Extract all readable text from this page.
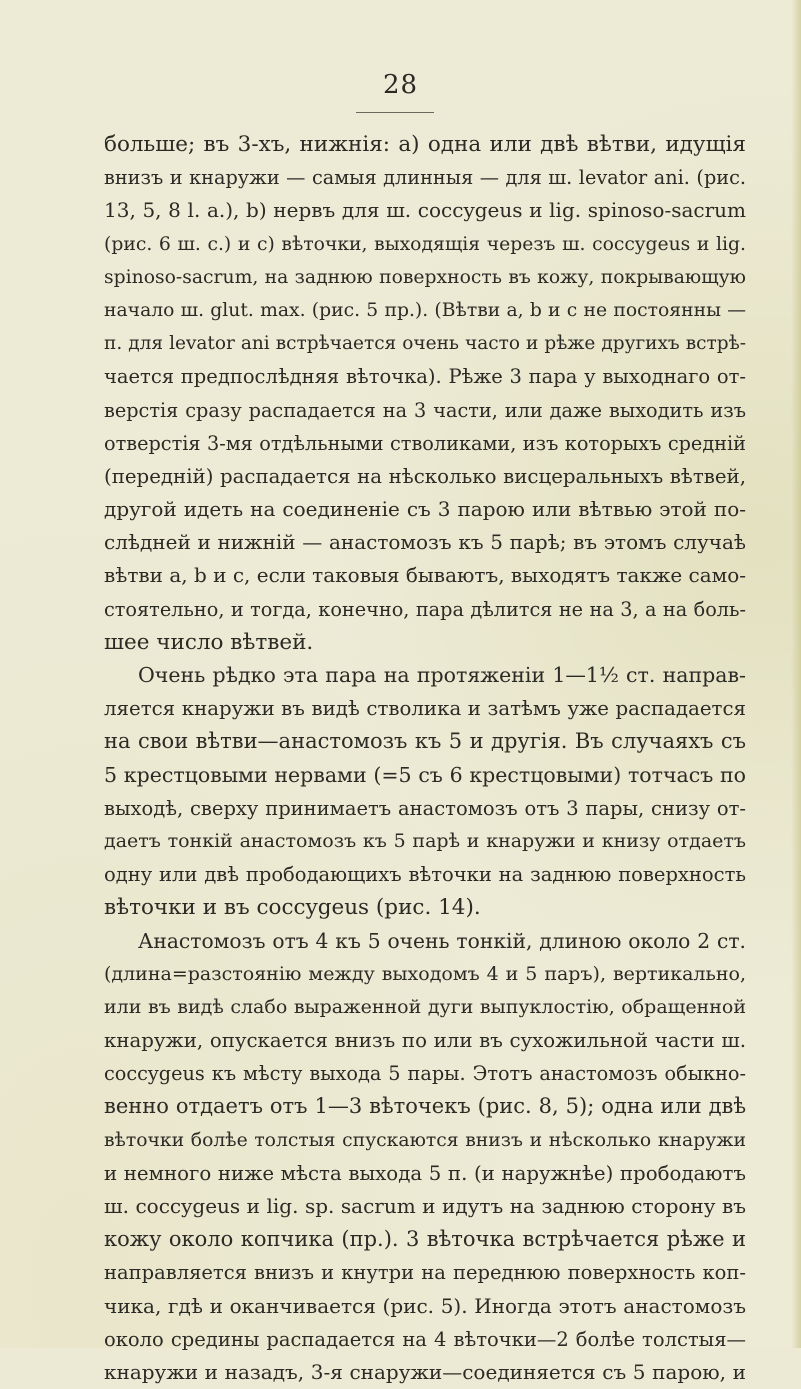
28
больше; въ 3-хъ, нижнія: а) одна или двѣ вѣтви, идущія
внизъ и кнаружи — самыя длинныя — для ш. levator ani. (рис.
13, 5, 8 l. a.), b) нервъ для ш. coccygeus и lig. spinoso-sacrum
(рис. 6 ш. с.) и с) вѣточки, выходящія черезъ ш. coccygeus и lig.
spinoso-sacrum, на заднюю поверхность въ кожу, покрывающую
начало ш. glut. max. (рис. 5 пр.). (Вѣтви а, b и с не постоянны —
п. для levator ani встрѣчается очень часто и рѣже другихъ встрѣ-
чается предпослѣдняя вѣточка). Рѣже 3 пара у выходнаго от-
верстія сразу распадается на 3 части, или даже выходить изъ
отверстія 3-мя отдѣльными стволиками, изъ которыхъ средній
(передній) распадается на нѣсколько висцеральныхъ вѣтвей,
другой идеть на соединеніе съ 3 парою или вѣтвью этой по-
слѣдней и нижній — анастомозъ къ 5 парѣ; въ этомъ случаѣ
вѣтви а, b и с, если таковыя бываютъ, выходятъ также само-
стоятельно, и тогда, конечно, пара дѣлится не на 3, а на боль-
шее число вѣтвей.
Очень рѣдко эта пара на протяженіи 1—1½ ст. направ-
ляется кнаружи въ видѣ стволика и затѣмъ уже распадается
на свои вѣтви—анастомозъ къ 5 и другія. Въ случаяхъ съ
5 крестцовыми нервами (=5 съ 6 крестцовыми) тотчасъ по
выходѣ, сверху принимаетъ анастомозъ отъ 3 пары, снизу от-
даетъ тонкій анастомозъ къ 5 парѣ и кнаружи и книзу отдаетъ
одну или двѣ прободающихъ вѣточки на заднюю поверхность
вѣточки и въ coccygeus (рис. 14).
Анастомозъ отъ 4 къ 5 очень тонкій, длиною около 2 ст.
(длина=разстоянію между выходомъ 4 и 5 паръ), вертикально,
или въ видѣ слабо выраженной дуги выпуклостію, обращенной
кнаружи, опускается внизъ по или въ сухожильной части ш.
coccygeus къ мѣсту выхода 5 пары. Этотъ анастомозъ обыкно-
венно отдаетъ отъ 1—3 вѣточекъ (рис. 8, 5); одна или двѣ
вѣточки болѣе толстыя спускаются внизъ и нѣсколько кнаружи
и немного ниже мѣста выхода 5 п. (и наружнѣе) прободаютъ
ш. coccygeus и lig. sp. sacrum и идутъ на заднюю сторону въ
кожу около копчика (пр.). 3 вѣточка встрѣчается рѣже и
направляется внизъ и кнутри на переднюю поверхность коп-
чика, гдѣ и оканчивается (рис. 5). Иногда этотъ анастомозъ
около средины распадается на 4 вѣточки—2 болѣе толстыя—
кнаружи и назадъ, 3-я снаружи—соединяется съ 5 парою, и
